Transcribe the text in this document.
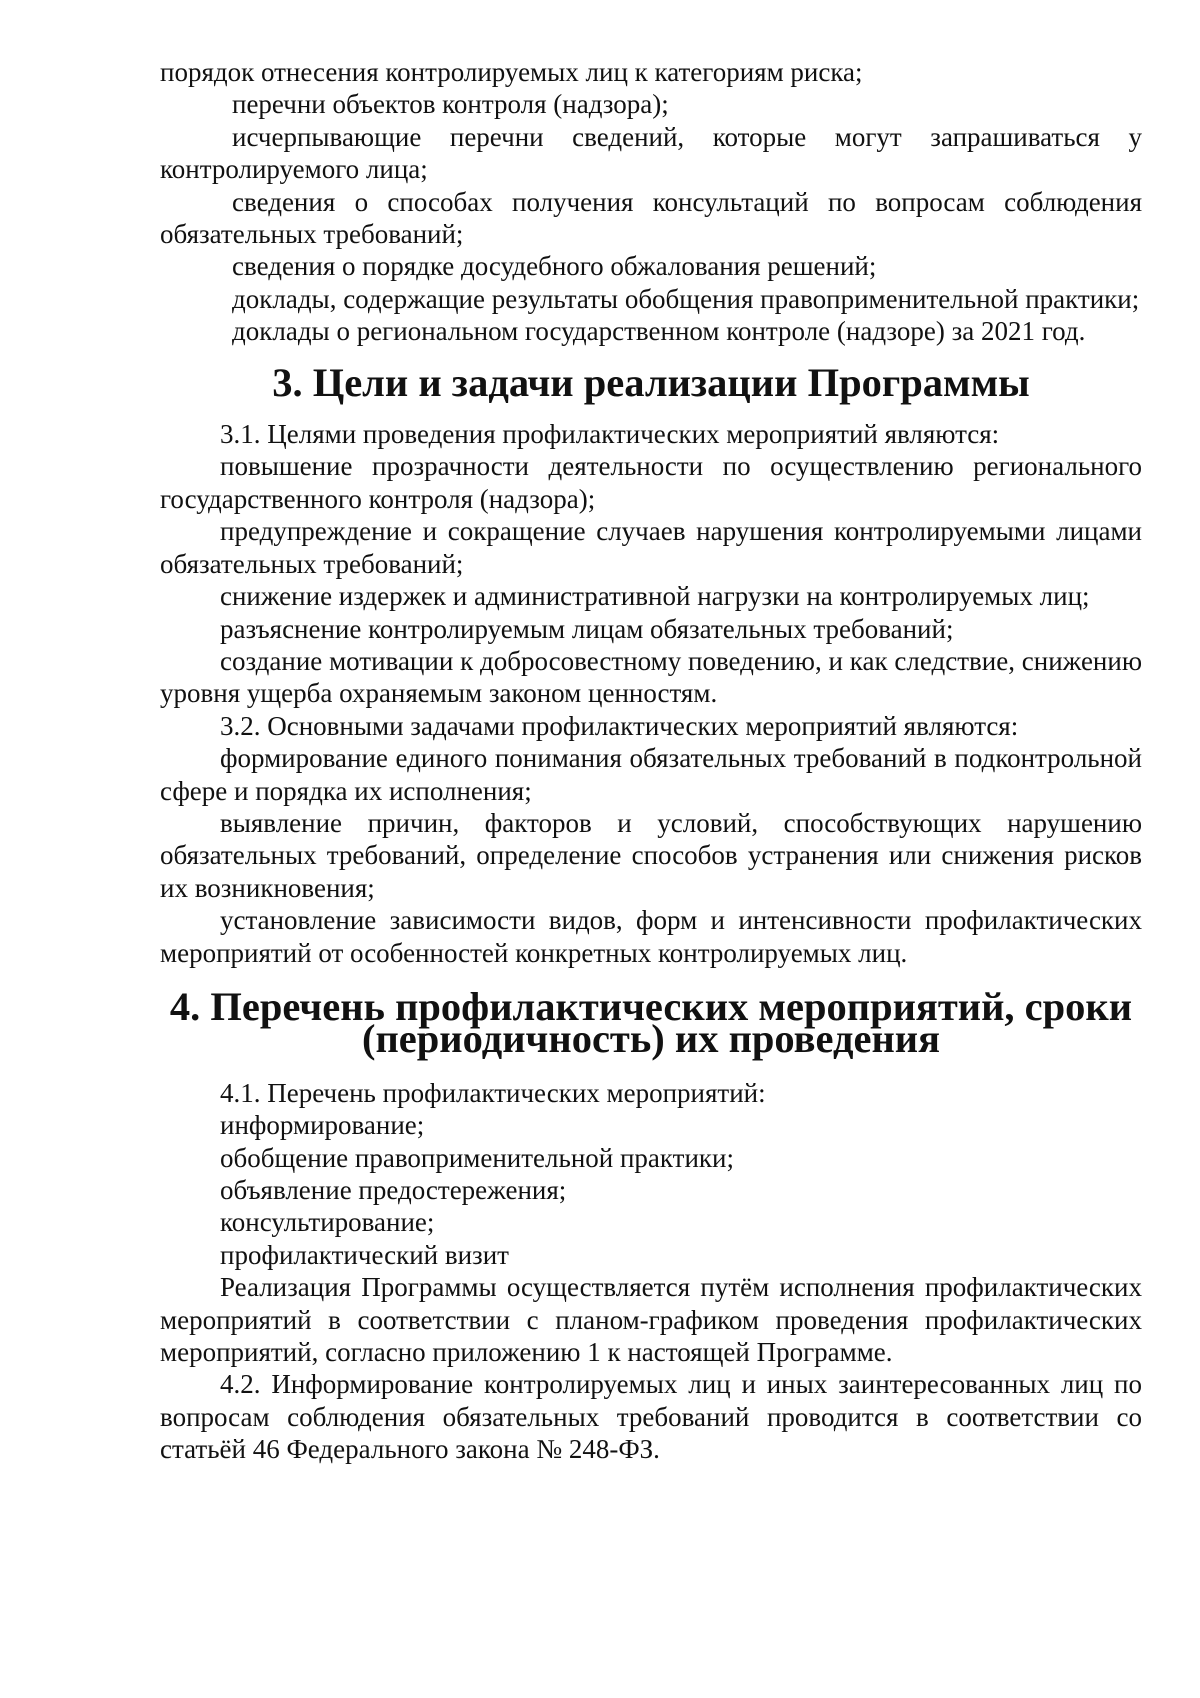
порядок отнесения контролируемых лиц к категориям риска;

перечни объектов контроля (надзора);

исчерпывающие перечни сведений, которые могут запрашиваться у контролируемого лица;

сведения о способах получения консультаций по вопросам соблюдения обязательных требований;

сведения о порядке досудебного обжалования решений;

доклады, содержащие результаты обобщения правоприменительной практики;

доклады о региональном государственном контроле (надзоре) за 2021 год.

3. Цели и задачи реализации Программы

3.1. Целями проведения профилактических мероприятий являются:

повышение прозрачности деятельности по осуществлению регионального государственного контроля (надзора);

предупреждение и сокращение случаев нарушения контролируемыми лицами обязательных требований;

снижение издержек и административной нагрузки на контролируемых лиц;

разъяснение контролируемым лицам обязательных требований;

создание мотивации к добросовестному поведению, и как следствие, снижению уровня ущерба охраняемым законом ценностям.

3.2. Основными задачами профилактических мероприятий являются:

формирование единого понимания обязательных требований в подконтрольной сфере и порядка их исполнения;

выявление причин, факторов и условий, способствующих нарушению обязательных требований, определение способов устранения или снижения рисков их возникновения;

установление зависимости видов, форм и интенсивности профилактических мероприятий от особенностей конкретных контролируемых лиц.

4. Перечень профилактических мероприятий, сроки (периодичность) их проведения

4.1. Перечень профилактических мероприятий:

информирование;

обобщение правоприменительной практики;

объявление предостережения;

консультирование;

профилактический визит

Реализация Программы осуществляется путём исполнения профилактических мероприятий в соответствии с планом-графиком проведения профилактических мероприятий, согласно приложению 1 к настоящей Программе.

4.2. Информирование контролируемых лиц и иных заинтересованных лиц по вопросам соблюдения обязательных требований проводится в соответствии со статьёй 46 Федерального закона № 248-ФЗ.
